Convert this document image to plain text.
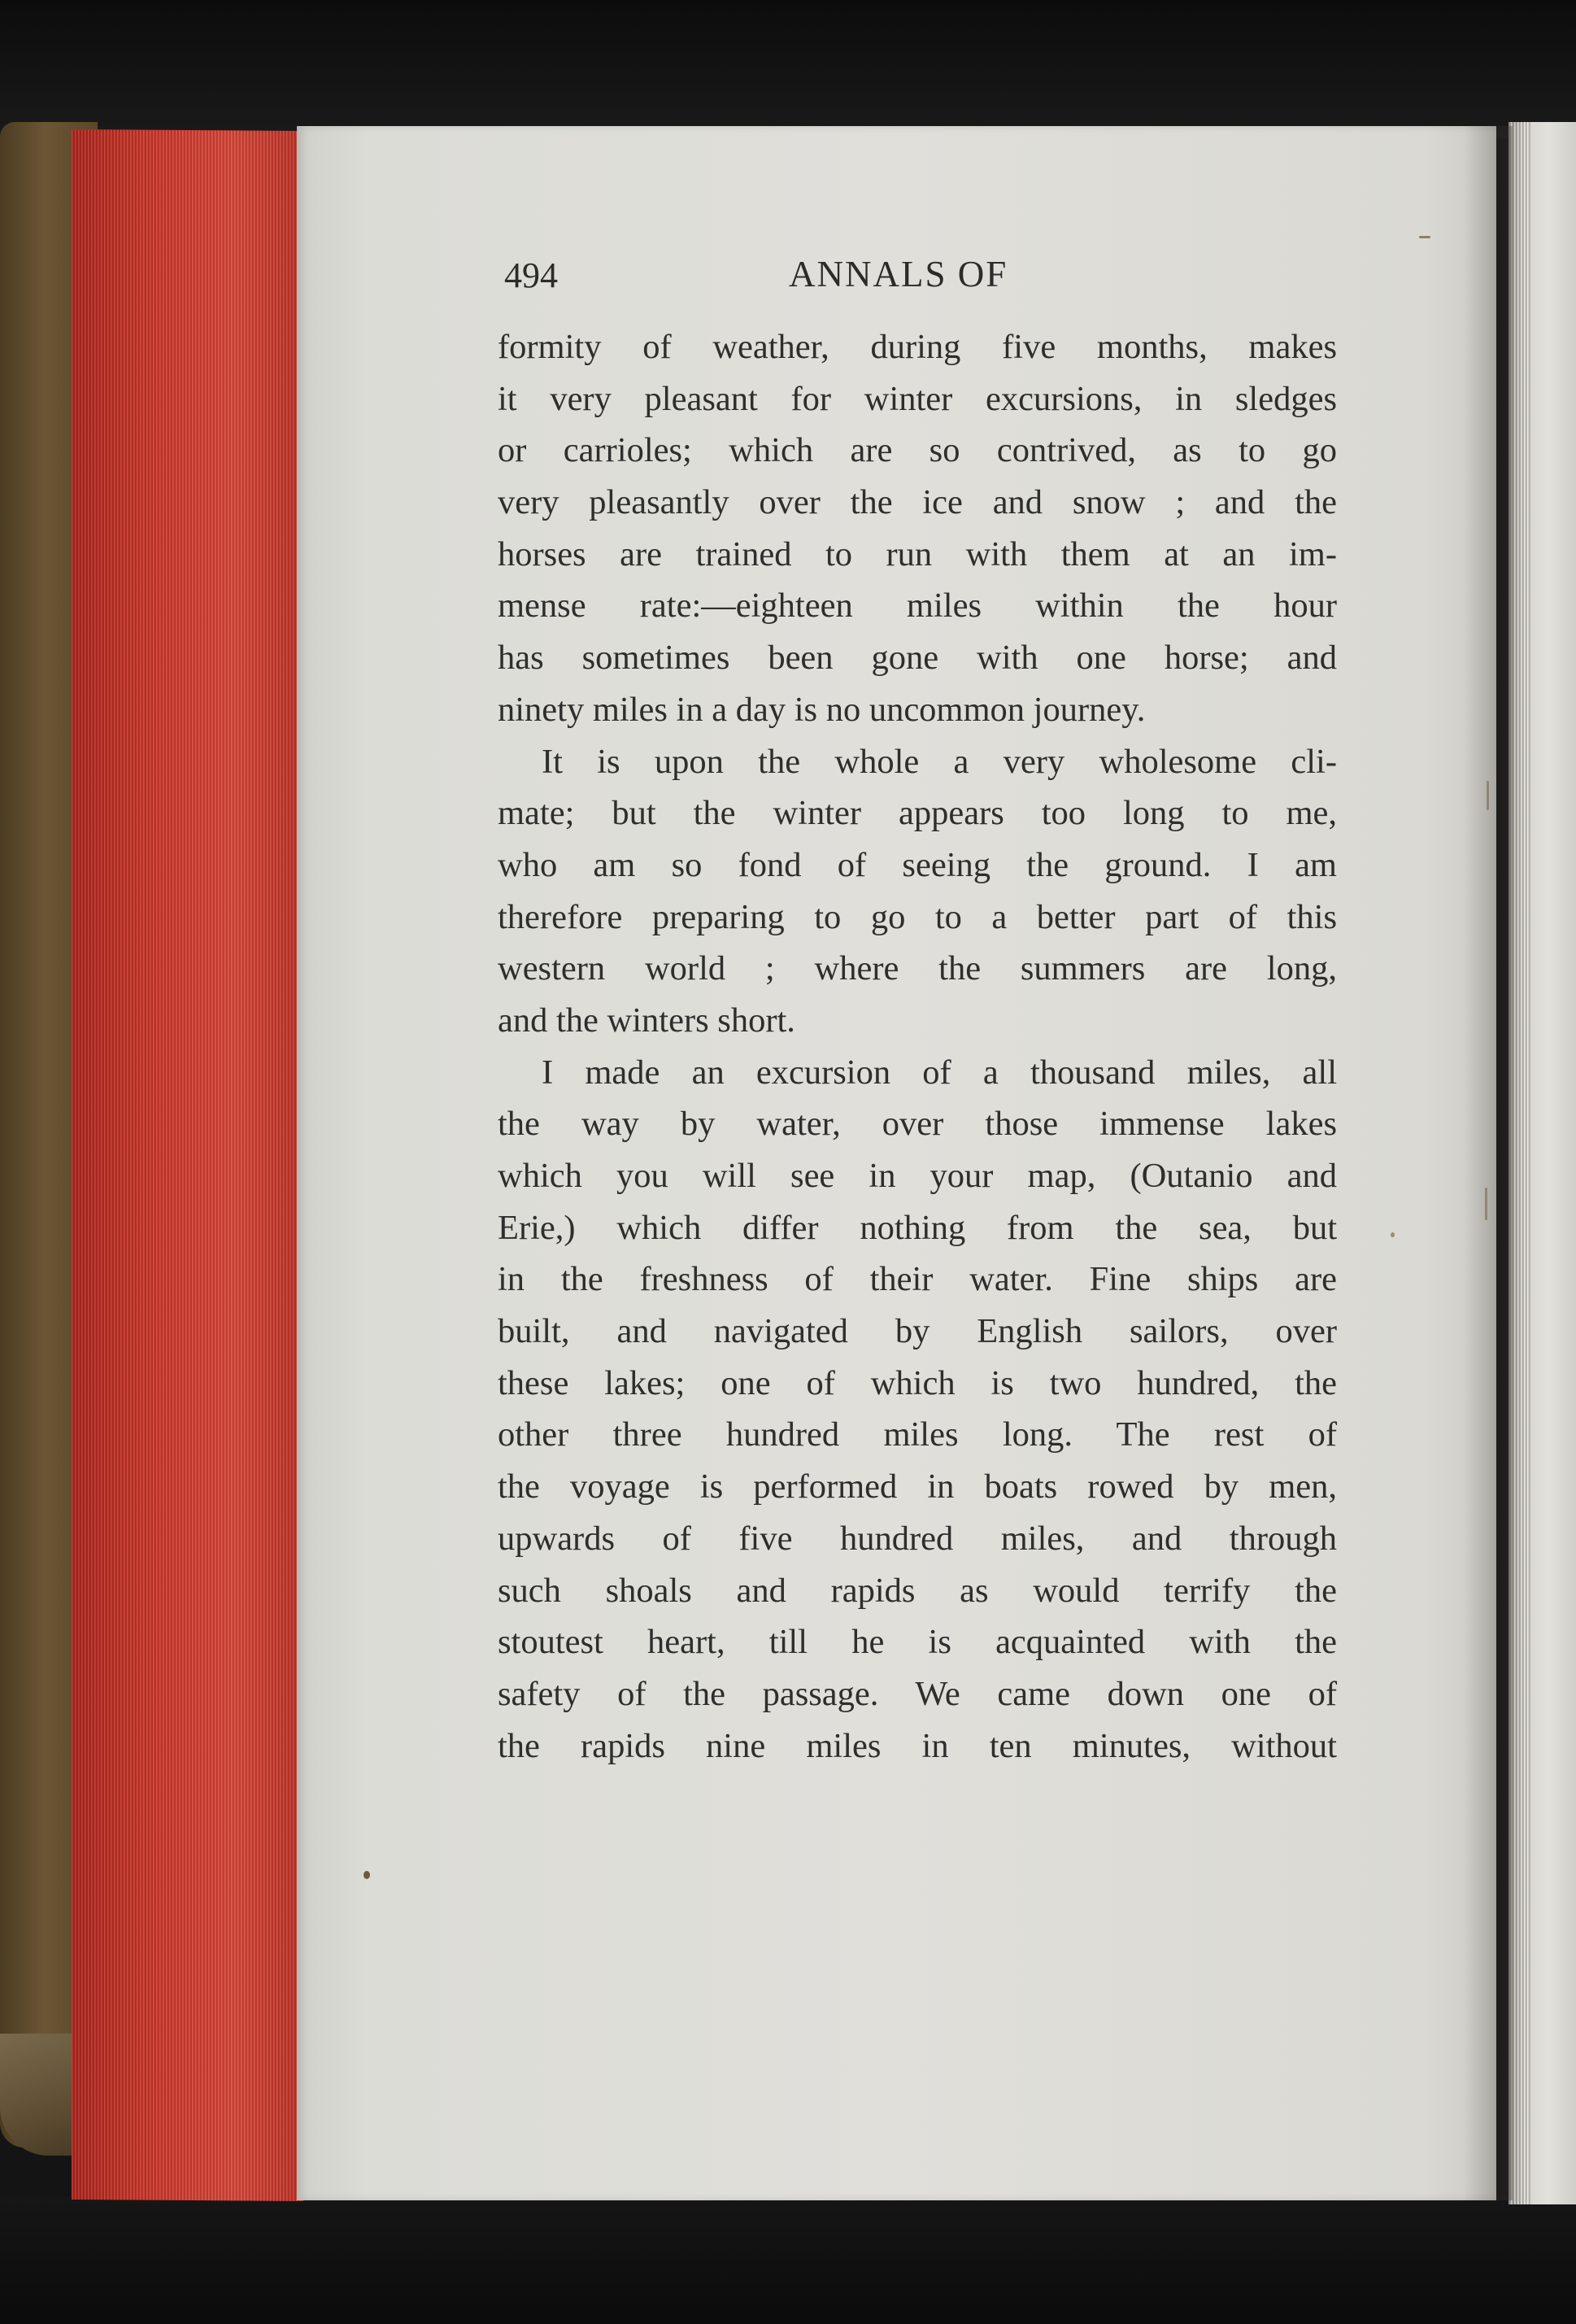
494	ANNALS OF
formity of weather, during five months, makes
it very pleasant for winter excursions, in sledges
or carrioles; which are so contrived, as to go
very pleasantly over the ice and snow ; and the
horses are trained to run with them at an im-
mense rate:—eighteen miles within the hour
has sometimes been gone with one horse; and
ninety miles in a day is no uncommon journey.
It is upon the whole a very wholesome cli-
mate; but the winter appears too long to me,
who am so fond of seeing the ground. I am
therefore preparing to go to a better part of this
western world ; where the summers are long,
and the winters short.
I made an excursion of a thousand miles, all
the way by water, over those immense lakes
which you will see in your map, (Outanio and
Erie,) which differ nothing from the sea, but
in the freshness of their water. Fine ships are
built, and navigated by English sailors, over
these lakes; one of which is two hundred, the
other three hundred miles long. The rest of
the voyage is performed in boats rowed by men,
upwards of five hundred miles, and through
such shoals and rapids as would terrify the
stoutest heart, till he is acquainted with the
safety of the passage. We came down one of
the rapids nine miles in ten minutes, without
